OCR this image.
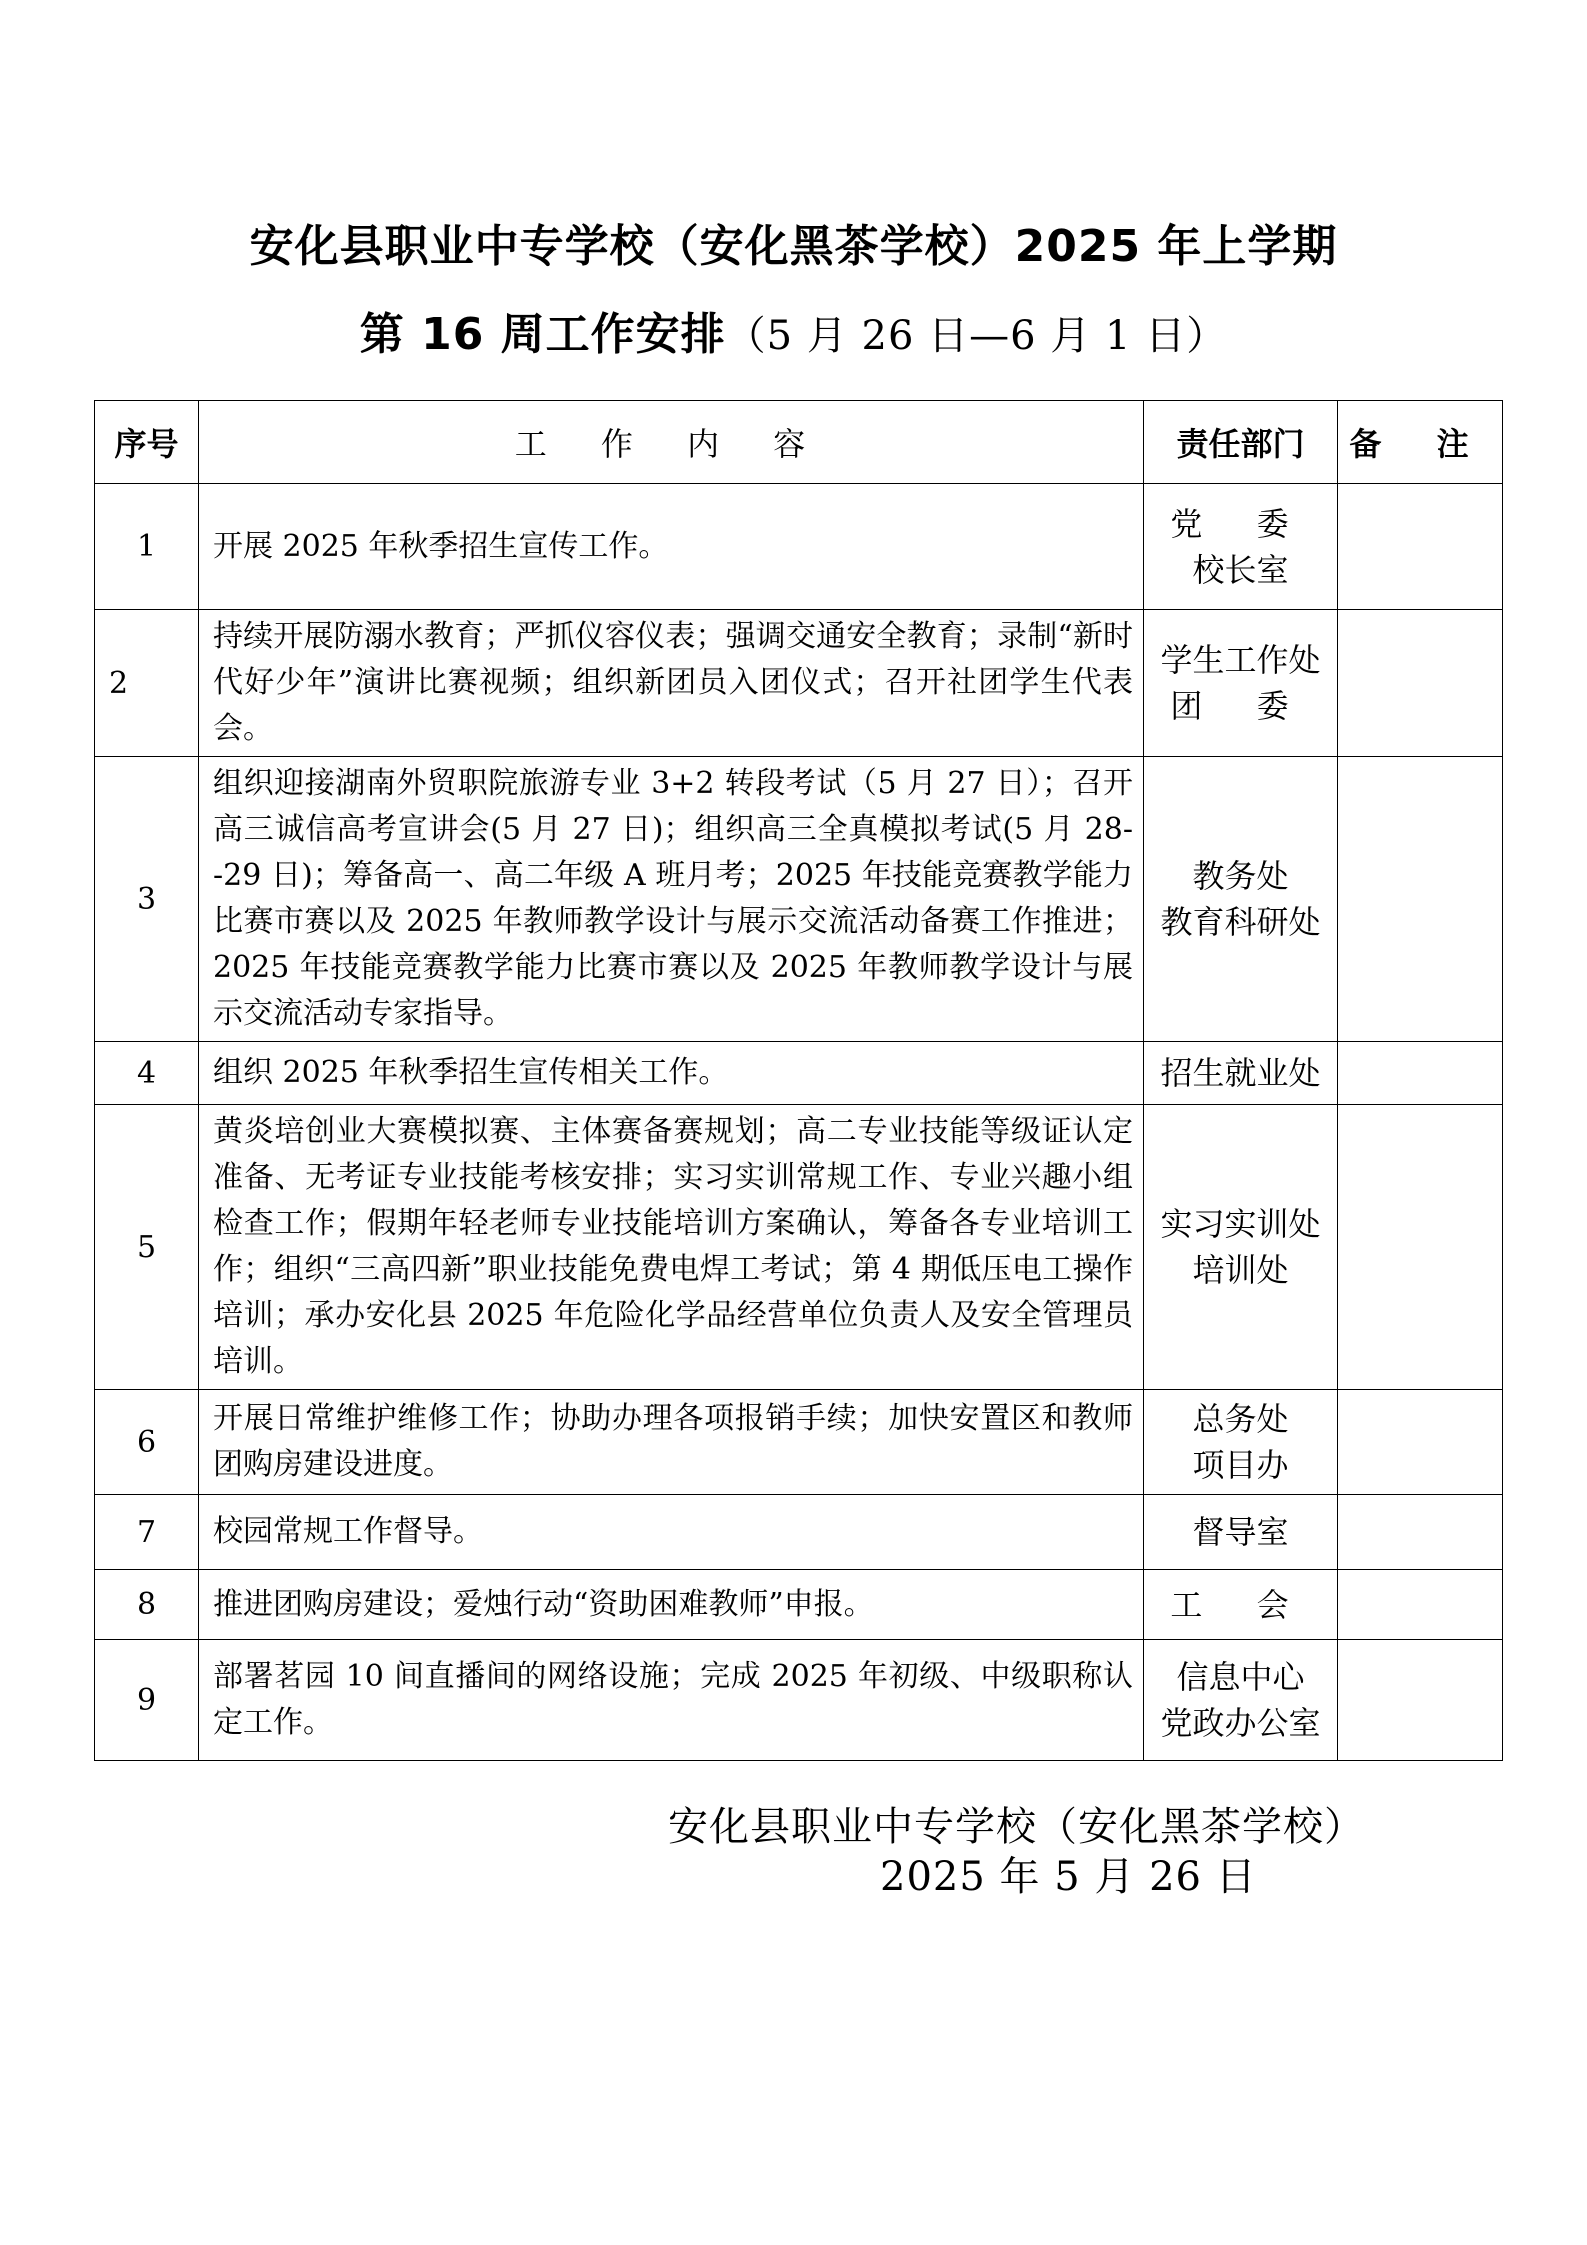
安化县职业中专学校（安化黑茶学校）2025 年上学期
第 16 周工作安排（5 月 26 日—6 月 1 日）
序号	工 作 内 容	责任部门	备 注
1	开展 2025 年秋季招生宣传工作。	党 委
校长室	

2	持续开展防溺水教育；严抓仪容仪表；强调交通安全教育；录制“新时代好少年”演讲比赛视频；组织新团员入团仪式；召开社团学生代表会。	学生工作处
团 委	

3	组织迎接湖南外贸职院旅游专业 3+2 转段考试（5 月 27 日）；召开高三诚信高考宣讲会(5 月 27 日)；组织高三全真模拟考试(5 月 28--29 日)；筹备高一、高二年级 A 班月考；2025 年技能竞赛教学能力比赛市赛以及 2025 年教师教学设计与展示交流活动备赛工作推进；2025 年技能竞赛教学能力比赛市赛以及 2025 年教师教学设计与展示交流活动专家指导。	教务处
教育科研处	

4	组织 2025 年秋季招生宣传相关工作。	招生就业处	

5	黄炎培创业大赛模拟赛、主体赛备赛规划；高二专业技能等级证认定准备、无考证专业技能考核安排；实习实训常规工作、专业兴趣小组检查工作；假期年轻老师专业技能培训方案确认，筹备各专业培训工作；组织“三高四新”职业技能免费电焊工考试；第 4 期低压电工操作培训；承办安化县 2025 年危险化学品经营单位负责人及安全管理员培训。	实习实训处
培训处	

6	开展日常维护维修工作；协助办理各项报销手续；加快安置区和教师团购房建设进度。	总务处
项目办	

7	校园常规工作督导。	督导室	

8	推进团购房建设；爱烛行动“资助困难教师”申报。	工 会	

9	部署茗园 10 间直播间的网络设施；完成 2025 年初级、中级职称认定工作。	信息中心
党政办公室	

安化县职业中专学校（安化黑茶学校）
2025 年 5 月 26 日
